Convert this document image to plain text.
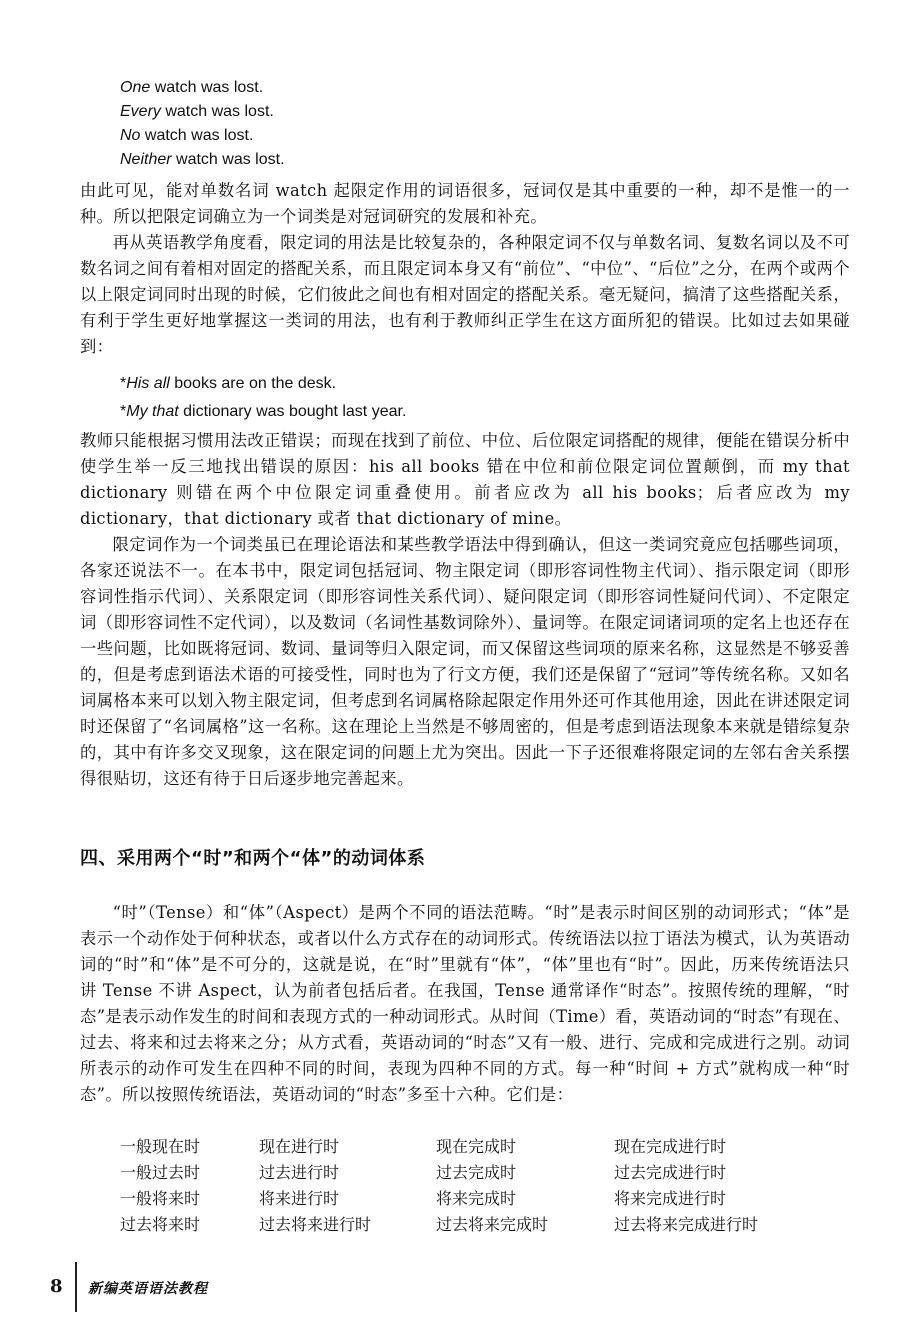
One watch was lost.
Every watch was lost.
No watch was lost.
Neither watch was lost.

由此可见，能对单数名词 watch 起限定作用的词语很多，冠词仅是其中重要的一种，却不是惟一的一种。所以把限定词确立为一个词类是对冠词研究的发展和补充。

再从英语教学角度看，限定词的用法是比较复杂的，各种限定词不仅与单数名词、复数名词以及不可数名词之间有着相对固定的搭配关系，而且限定词本身又有“前位”、“中位”、“后位”之分，在两个或两个以上限定词同时出现的时候，它们彼此之间也有相对固定的搭配关系。毫无疑问，搞清了这些搭配关系，有利于学生更好地掌握这一类词的用法，也有利于教师纠正学生在这方面所犯的错误。比如过去如果碰到：

*His all books are on the desk.
*My that dictionary was bought last year.

教师只能根据习惯用法改正错误；而现在找到了前位、中位、后位限定词搭配的规律，便能在错误分析中使学生举一反三地找出错误的原因：his all books 错在中位和前位限定词位置颠倒，而 my that dictionary 则错在两个中位限定词重叠使用。前者应改为 all his books；后者应改为 my dictionary，that dictionary 或者 that dictionary of mine。

限定词作为一个词类虽已在理论语法和某些教学语法中得到确认，但这一类词究竟应包括哪些词项，各家还说法不一。在本书中，限定词包括冠词、物主限定词（即形容词性物主代词）、指示限定词（即形容词性指示代词）、关系限定词（即形容词性关系代词）、疑问限定词（即形容词性疑问代词）、不定限定词（即形容词性不定代词），以及数词（名词性基数词除外）、量词等。在限定词诸词项的定名上也还存在一些问题，比如既将冠词、数词、量词等归入限定词，而又保留这些词项的原来名称，这显然是不够妥善的，但是考虑到语法术语的可接受性，同时也为了行文方便，我们还是保留了“冠词”等传统名称。又如名词属格本来可以划入物主限定词，但考虑到名词属格除起限定作用外还可作其他用途，因此在讲述限定词时还保留了“名词属格”这一名称。这在理论上当然是不够周密的，但是考虑到语法现象本来就是错综复杂的，其中有许多交叉现象，这在限定词的问题上尤为突出。因此一下子还很难将限定词的左邻右舍关系摆得很贴切，这还有待于日后逐步地完善起来。

四、采用两个“时”和两个“体”的动词体系

“时”（Tense）和“体”（Aspect）是两个不同的语法范畴。“时”是表示时间区别的动词形式；“体”是表示一个动作处于何种状态，或者以什么方式存在的动词形式。传统语法以拉丁语法为模式，认为英语动词的“时”和“体”是不可分的，这就是说，在“时”里就有“体”，“体”里也有“时”。因此，历来传统语法只讲 Tense 不讲 Aspect，认为前者包括后者。在我国，Tense 通常译作“时态”。按照传统的理解，“时态”是表示动作发生的时间和表现方式的一种动词形式。从时间（Time）看，英语动词的“时态”有现在、过去、将来和过去将来之分；从方式看，英语动词的“时态”又有一般、进行、完成和完成进行之别。动词所表示的动作可发生在四种不同的时间，表现为四种不同的方式。每一种“时间 + 方式”就构成一种“时态”。所以按照传统语法，英语动词的“时态”多至十六种。它们是：

一般现在时	现在进行时	现在完成时	现在完成进行时
一般过去时	过去进行时	过去完成时	过去完成进行时
一般将来时	将来进行时	将来完成时	将来完成进行时
过去将来时	过去将来进行时	过去将来完成时	过去将来完成进行时
8 新编英语语法教程
